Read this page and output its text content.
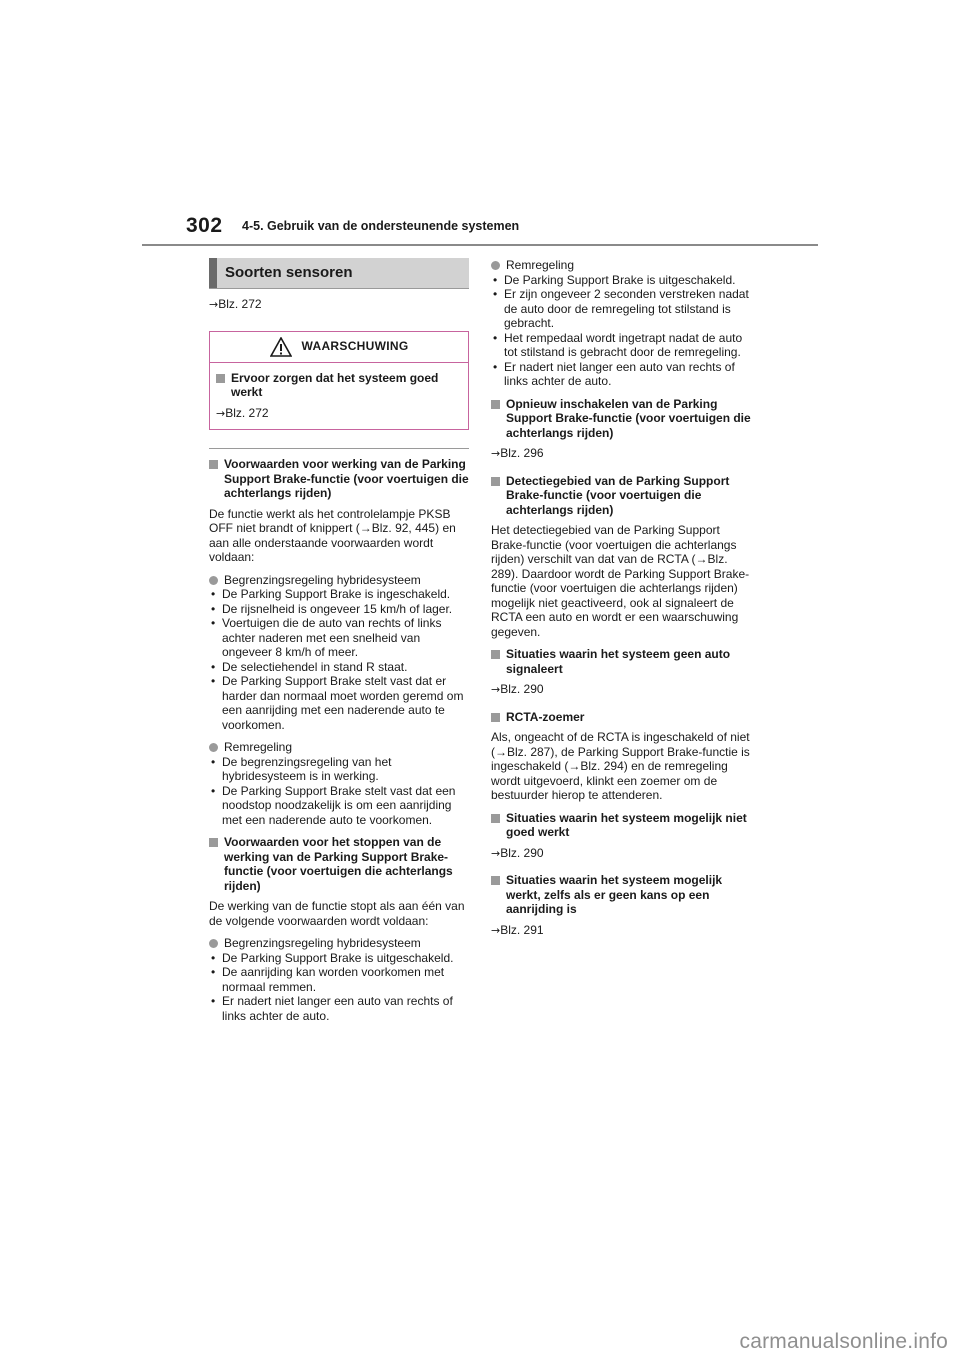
302 4-5. Gebruik van de ondersteunende systemen
Soorten sensoren

→Blz. 272

WAARSCHUWING

Ervoor zorgen dat het systeem goed werkt

→Blz. 272

Voorwaarden voor werking van de Parking Support Brake-functie (voor voertuigen die achterlangs rijden)

De functie werkt als het controlelampje PKSB OFF niet brandt of knippert (→Blz. 92, 445) en aan alle onderstaande voorwaarden wordt voldaan:

Begrenzingsregeling hybridesysteem

• De Parking Support Brake is ingeschakeld.
• De rijsnelheid is ongeveer 15 km/h of lager.
• Voertuigen die de auto van rechts of links achter naderen met een snelheid van ongeveer 8 km/h of meer.
• De selectiehendel in stand R staat.
• De Parking Support Brake stelt vast dat er harder dan normaal moet worden geremd om een aanrijding met een naderende auto te voorkomen.

Remregeling

• De begrenzingsregeling van het hybridesysteem is in werking.
• De Parking Support Brake stelt vast dat een noodstop noodzakelijk is om een aanrijding met een naderende auto te voorkomen.

Voorwaarden voor het stoppen van de werking van de Parking Support Brake-functie (voor voertuigen die achterlangs rijden)

De werking van de functie stopt als aan één van de volgende voorwaarden wordt voldaan:

Begrenzingsregeling hybridesysteem

• De Parking Support Brake is uitgeschakeld.
• De aanrijding kan worden voorkomen met normaal remmen.
• Er nadert niet langer een auto van rechts of links achter de auto.

Remregeling

• De Parking Support Brake is uitgeschakeld.
• Er zijn ongeveer 2 seconden verstreken nadat de auto door de remregeling tot stilstand is gebracht.
• Het rempedaal wordt ingetrapt nadat de auto tot stilstand is gebracht door de remregeling.
• Er nadert niet langer een auto van rechts of links achter de auto.

Opnieuw inschakelen van de Parking Support Brake-functie (voor voertuigen die achterlangs rijden)

→Blz. 296

Detectiegebied van de Parking Support Brake-functie (voor voertuigen die achterlangs rijden)

Het detectiegebied van de Parking Support Brake-functie (voor voertuigen die achterlangs rijden) verschilt van dat van de RCTA (→Blz. 289). Daardoor wordt de Parking Support Brake-functie (voor voertuigen die achterlangs rijden) mogelijk niet geactiveerd, ook al signaleert de RCTA een auto en wordt er een waarschuwing gegeven.

Situaties waarin het systeem geen auto signaleert

→Blz. 290

RCTA-zoemer

Als, ongeacht of de RCTA is ingeschakeld of niet (→Blz. 287), de Parking Support Brake-functie is ingeschakeld (→Blz. 294) en de remregeling wordt uitgevoerd, klinkt een zoemer om de bestuurder hierop te attenderen.

Situaties waarin het systeem mogelijk niet goed werkt

→Blz. 290

Situaties waarin het systeem mogelijk werkt, zelfs als er geen kans op een aanrijding is

→Blz. 291

carmanualsonline.info
